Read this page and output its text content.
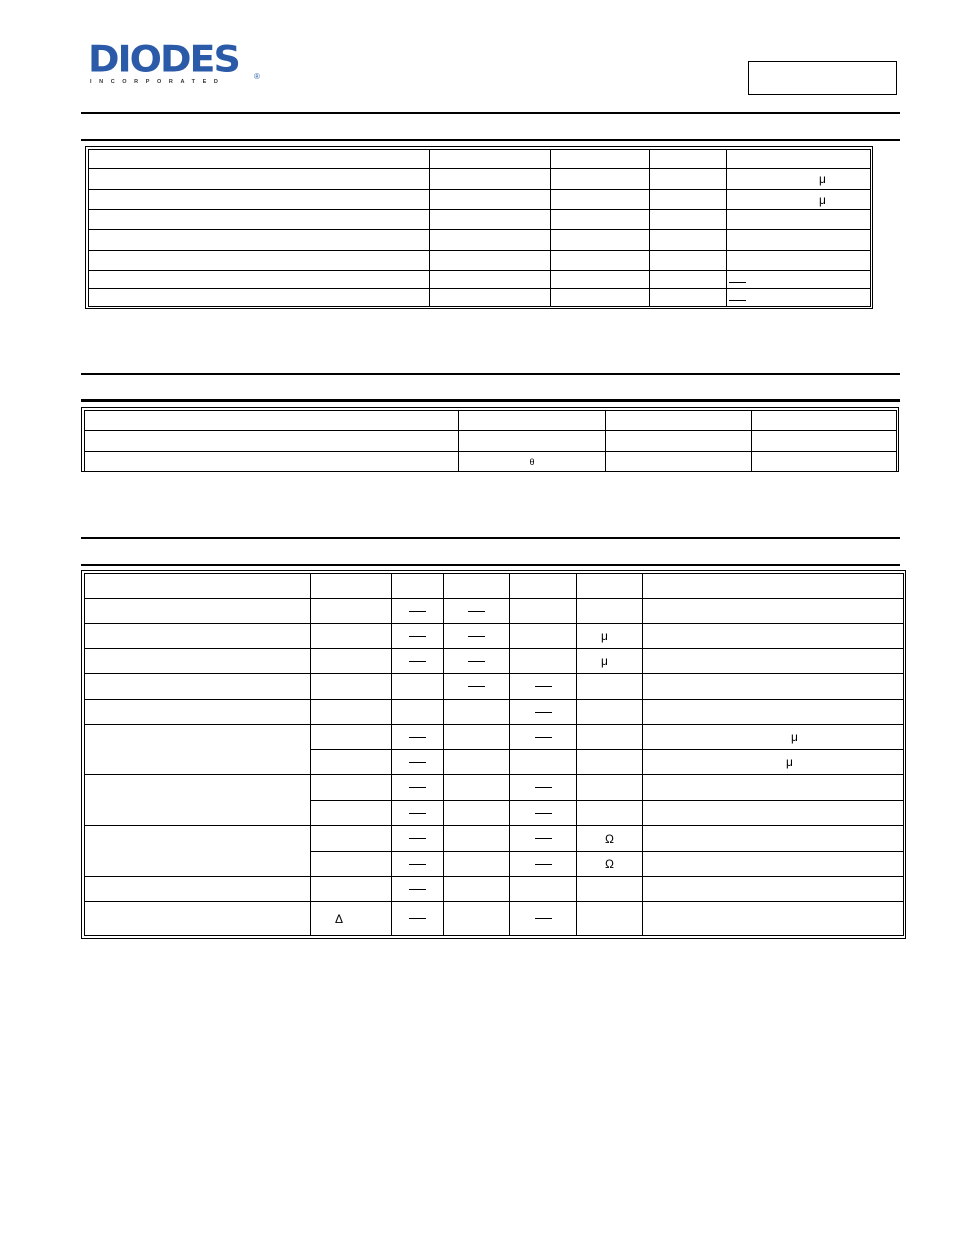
DIODES ®
INCORPORATED

				μ
				μ

	θ		

					μ	
					μ	

						μ
						μ

					Ω	
					Ω	

	Δ					
